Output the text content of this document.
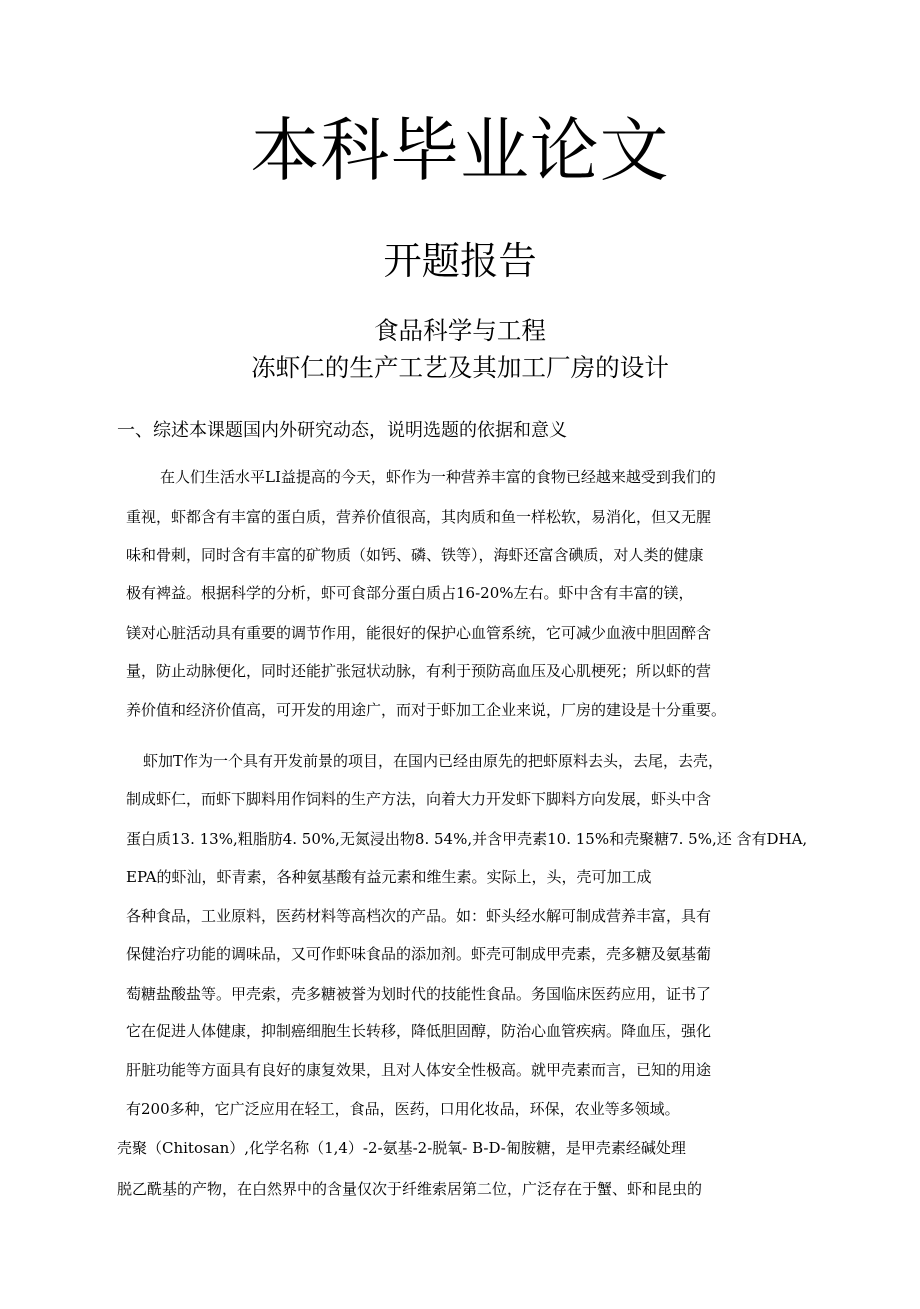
本科毕业论文
开题报告
食品科学与工程
冻虾仁的生产工艺及其加工厂房的设计
一、综述本课题国内外研究动态，说明选题的依据和意义
在人们生活水平LI益提高的今天，虾作为一种营养丰富的食物已经越来越受到我们的
重视，虾都含有丰富的蛋白质，营养价值很高，其肉质和鱼一样松软，易消化，但又无腥
味和骨刺，同时含有丰富的矿物质（如钙、磷、铁等），海虾还富含碘质，对人类的健康
极有裨益。根据科学的分析，虾可食部分蛋白质占16-20%左右。虾中含有丰富的镁，
镁对心脏活动具有重要的调节作用，能很好的保护心血管系统，它可减少血液中胆固醉含
量，防止动脉便化，同时还能扩张冠状动脉，有利于预防高血压及心肌梗死；所以虾的营
养价值和经济价值高，可开发的用途广，而对于虾加工企业来说，厂房的建设是十分重要。
虾加T作为一个具有开发前景的项目，在国内已经由原先的把虾原料去头，去尾，去壳，
制成虾仁，而虾下脚料用作饲料的生产方法，向着大力开发虾下脚料方向发展，虾头中含
蛋白质13. 13%,粗脂肪4. 50%,无氮浸出物8. 54%,并含甲壳素10. 15%和壳聚糖7. 5%,还 含有DHA,
EPA的虾汕，虾青素，各种氨基酸有益元素和维生素。实际上，头，壳可加工成
各种食品，工业原料，医药材料等高档次的产品。如：虾头经水解可制成营养丰富，具有
保健治疗功能的调味品，又可作虾味食品的添加剂。虾壳可制成甲壳素，壳多糖及氨基葡
萄糖盐酸盐等。甲壳索，壳多糖被誉为划时代的技能性食品。务国临床医药应用，证书了
它在促进人体健康，抑制癌细胞生长转移，降低胆固醇，防治心血管疾病。降血压，强化
肝脏功能等方面具有良好的康复效果，且对人体安全性极高。就甲壳素而言，已知的用途
有200多种，它广泛应用在轻工，食品，医药，口用化妆品，环保，农业等多领域。
壳聚（Chitosan）,化学名称（1,4）-2-氨基-2-脱氧- B-D-匍胺糖，是甲壳素经碱处理
脱乙酰基的产物，在白然界中的含量仅次于纤维索居第二位，广泛存在于蟹、虾和昆虫的
